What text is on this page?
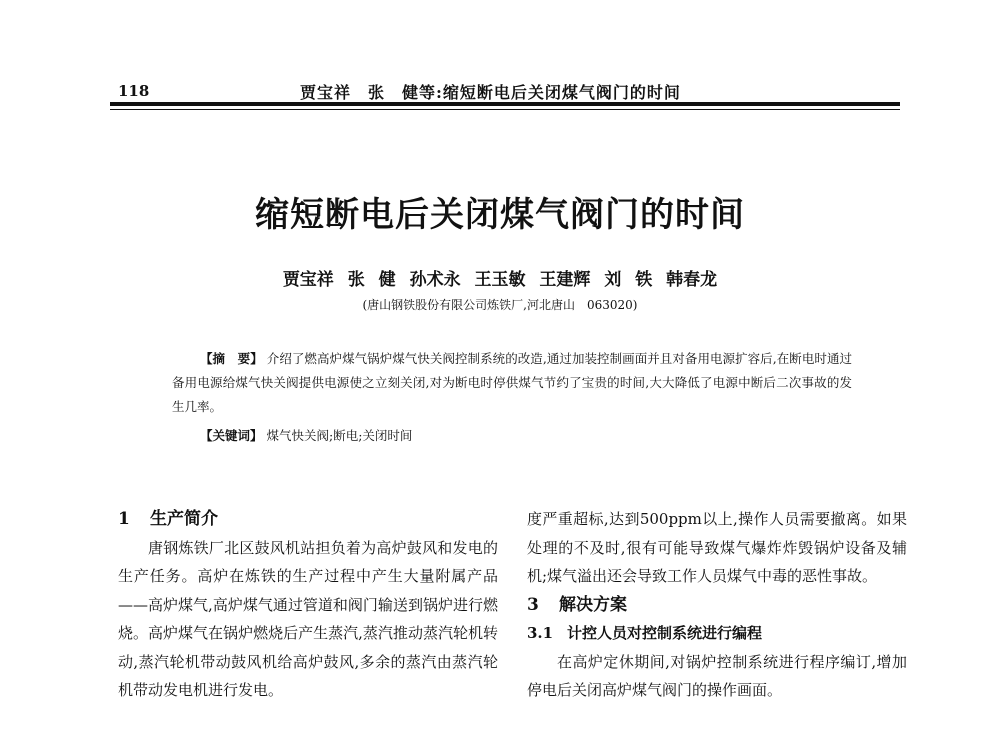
118	贾宝祥　张　健等:缩短断电后关闭煤气阀门的时间
缩短断电后关闭煤气阀门的时间
贾宝祥 张 健 孙术永 王玉敏 王建辉 刘 铁 韩春龙
(唐山钢铁股份有限公司炼铁厂,河北唐山　063020)
【摘　要】 介绍了燃高炉煤气锅炉煤气快关阀控制系统的改造,通过加装控制画面并且对备用电源扩容后,在断电时通过备用电源给煤气快关阀提供电源使之立刻关闭,对为断电时停供煤气节约了宝贵的时间,大大降低了电源中断后二次事故的发生几率。
【关键词】 煤气快关阀;断电;关闭时间
1 生产简介

唐钢炼铁厂北区鼓风机站担负着为高炉鼓风和发电的生产任务。高炉在炼铁的生产过程中产生大量附属产品——高炉煤气,高炉煤气通过管道和阀门输送到锅炉进行燃烧。高炉煤气在锅炉燃烧后产生蒸汽,蒸汽推动蒸汽轮机转动,蒸汽轮机带动鼓风机给高炉鼓风,多余的蒸汽由蒸汽轮机带动发电机进行发电。

度严重超标,达到500ppm以上,操作人员需要撤离。如果处理的不及时,很有可能导致煤气爆炸炸毁锅炉设备及辅机;煤气溢出还会导致工作人员煤气中毒的恶性事故。

3 解决方案
3.1 计控人员对控制系统进行编程

在高炉定休期间,对锅炉控制系统进行程序编订,增加停电后关闭高炉煤气阀门的操作画面。
